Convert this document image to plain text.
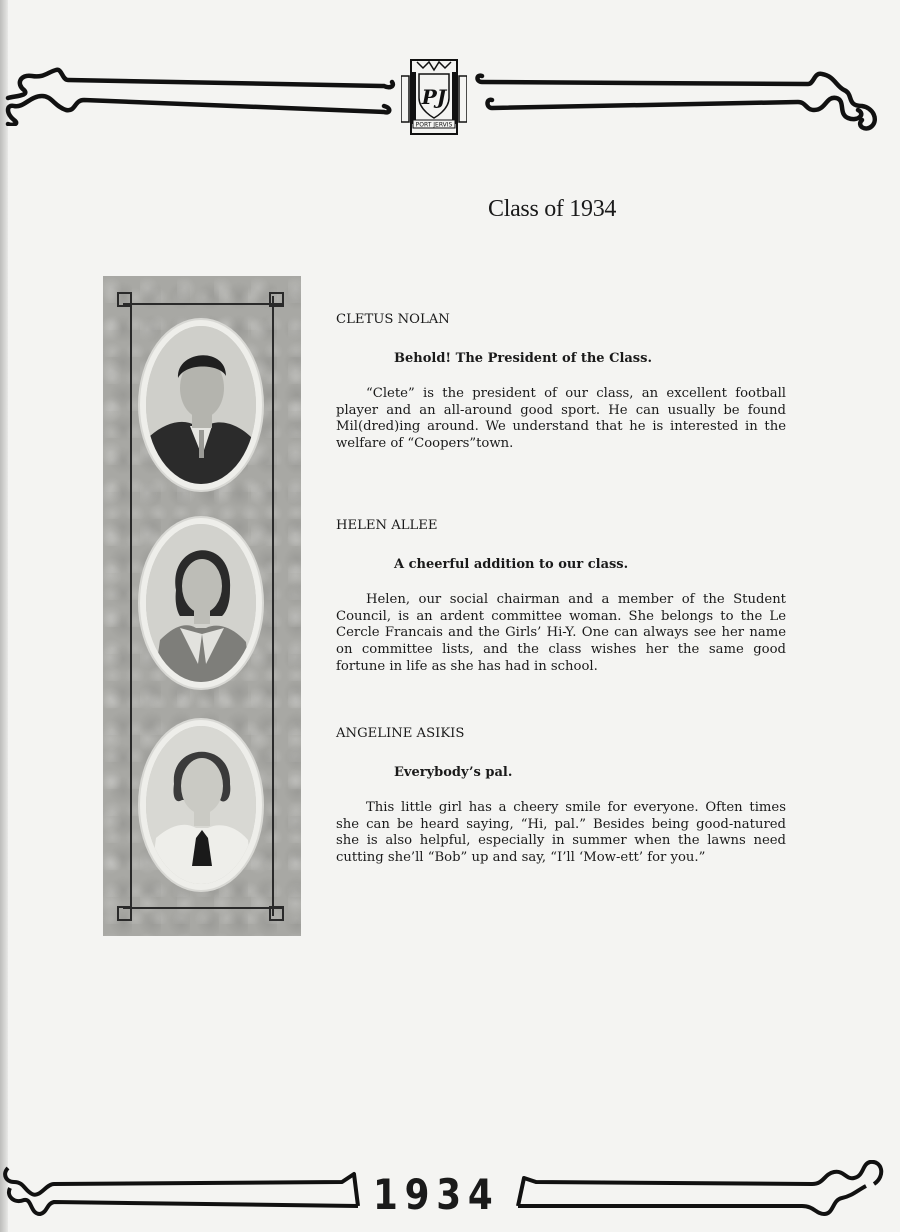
PJ
PORT JERVIS
Class of 1934
CLETUS NOLAN
Behold! The President of the Class.
“Clete” is the president of our class, an excellent football player and an all-around good sport. He can usually be found Mil(dred)ing around. We understand that he is interested in the welfare of “Coopers”town.
HELEN ALLEE
A cheerful addition to our class.
Helen, our social chairman and a member of the Student Council, is an ardent committee woman. She belongs to the Le Cercle Francais and the Girls’ Hi-Y. One can always see her name on committee lists, and the class wishes her the same good fortune in life as she has had in school.
ANGELINE ASIKIS
Everybody’s pal.
This little girl has a cheery smile for everyone. Often times she can be heard saying, “Hi, pal.” Besides being good-natured she is also helpful, especially in summer when the lawns need cutting she’ll “Bob” up and say, “I’ll ‘Mow-ett’ for you.”
1934
